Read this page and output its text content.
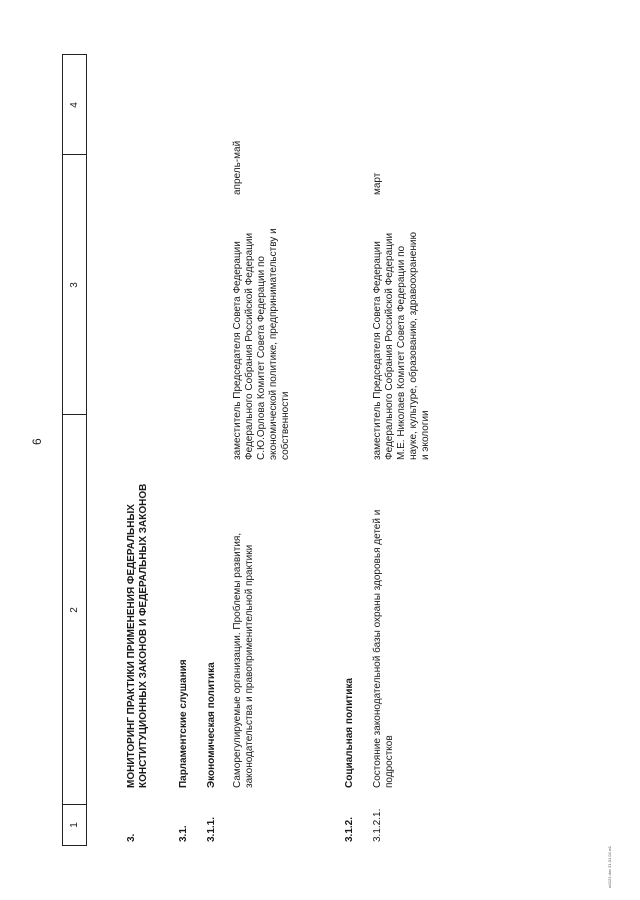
6
1
2
3
4
3.
МОНИТОРИНГ ПРАКТИКИ ПРИМЕНЕНИЯ ФЕДЕРАЛЬНЫХ КОНСТИТУЦИОННЫХ ЗАКОНОВ И ФЕДЕРАЛЬНЫХ ЗАКОНОВ
3.1.
Парламентские слушания
3.1.1.
Экономическая политика Саморегулируемые организации. Проблемы развития, законодательства и правоприменительной практики
заместитель Председателя Совета Федерации Федерального Собрания Российской Федерации С.Ю.Орлова Комитет Совета Федерации по экономической политике, предпринимательству и собственности
апрель-май
3.1.2.
Социальная политика
3.1.2.1.
Состояние законодательной базы охраны здоровья детей и подростков
заместитель Председателя Совета Федерации Федерального Собрания Российской Федерации М.Е. Николаев Комитет Совета Федерации по науке, культуре, образованию, здравоохранению и экологии
март
w1122.doc 31.01.04 w1
